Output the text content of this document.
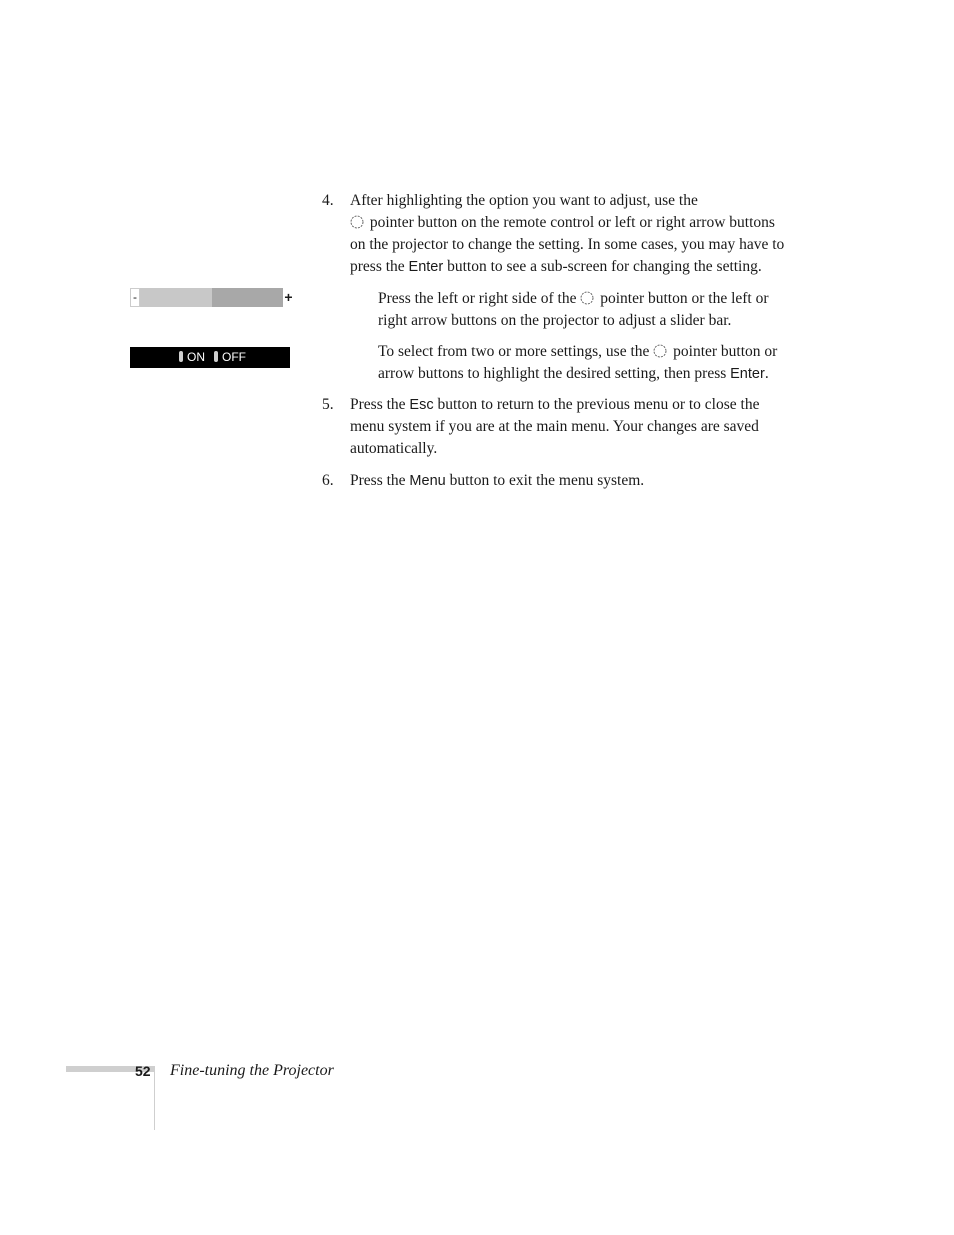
4. After highlighting the option you want to adjust, use the
pointer button on the remote control or left or right arrow buttons on the projector to change the setting. In some cases, you may have to press the Enter button to see a sub-screen for changing the setting.

Press the left or right side of the pointer button or the left or right arrow buttons on the projector to adjust a slider bar.

To select from two or more settings, use the pointer button or arrow buttons to highlight the desired setting, then press Enter.

5. Press the Esc button to return to the previous menu or to close the menu system if you are at the main menu. Your changes are saved automatically.

6. Press the Menu button to exit the menu system.

-	+
ON	OFF
52 Fine-tuning the Projector
